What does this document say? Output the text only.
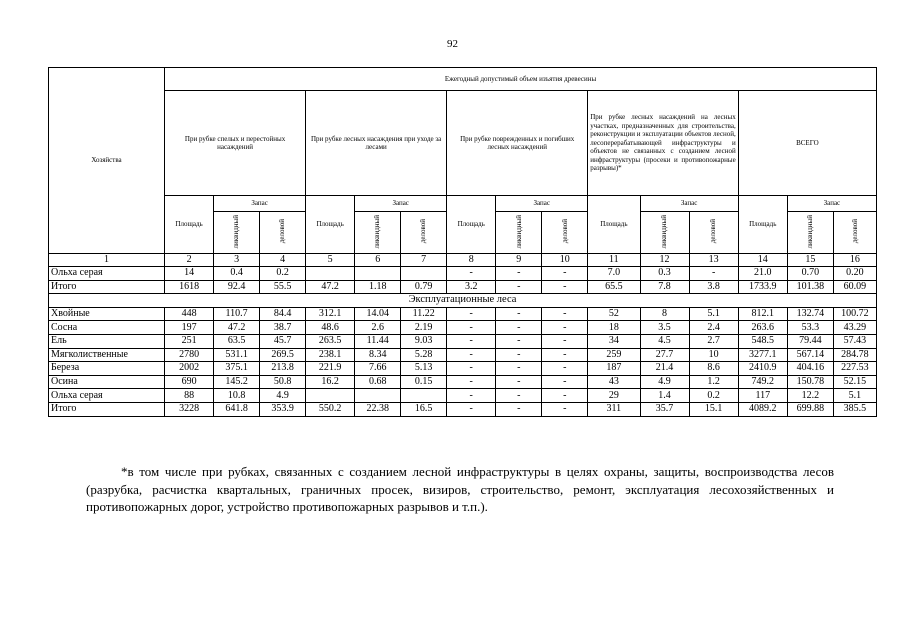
92
Хозяйства	Ежегодный допустимый объем изъятия древесины														
	При рубке спелых и перестойных насаждений			При рубке лесных насаждения при уходе за лесами			При рубке поврежденных и погибших лесных насаждений			При рубке лесных насаждений на лесных участках, предназначенных для строительства, реконструкции и эксплуатации объектов лесной, лесоперерабатывающей инфраструктуры и объектов не связанных с созданием лесной инфраструктуры (просеки и противопожарные разрывы)*			ВСЕГО		
	Площадь	Запас		Площадь	Запас		Площадь	Запас		Площадь	Запас		Площадь	Запас	
		ликвидный	деловой		ликвидный	деловой		ликвидный	деловой		ликвидный	деловой		ликвидный	деловой
1	2	3	4	5	6	7	8	9	10	11	12	13	14	15	16
Ольха серая	14	0.4	0.2				-	-	-	7.0	0.3	-	21.0	0.70	0.20
Итого	1618	92.4	55.5	47.2	1.18	0.79	3.2	-	-	65.5	7.8	3.8	1733.9	101.38	60.09
Эксплуатационные леса															
Хвойные	448	110.7	84.4	312.1	14.04	11.22	-	-	-	52	8	5.1	812.1	132.74	100.72
Сосна	197	47.2	38.7	48.6	2.6	2.19	-	-	-	18	3.5	2.4	263.6	53.3	43.29
Ель	251	63.5	45.7	263.5	11.44	9.03	-	-	-	34	4.5	2.7	548.5	79.44	57.43
Мягколиственные	2780	531.1	269.5	238.1	8.34	5.28	-	-	-	259	27.7	10	3277.1	567.14	284.78
Береза	2002	375.1	213.8	221.9	7.66	5.13	-	-	-	187	21.4	8.6	2410.9	404.16	227.53
Осина	690	145.2	50.8	16.2	0.68	0.15	-	-	-	43	4.9	1.2	749.2	150.78	52.15
Ольха серая	88	10.8	4.9				-	-	-	29	1.4	0.2	117	12.2	5.1
Итого	3228	641.8	353.9	550.2	22.38	16.5	-	-	-	311	35.7	15.1	4089.2	699.88	385.5
*в том числе при рубках, связанных с созданием лесной инфраструктуры в целях охраны, защиты, воспроизводства лесов (разрубка, расчистка квартальных, граничных просек, визиров, строительство, ремонт, эксплуатация лесохозяйственных и противопожарных дорог, устройство противопожарных разрывов и т.п.).
